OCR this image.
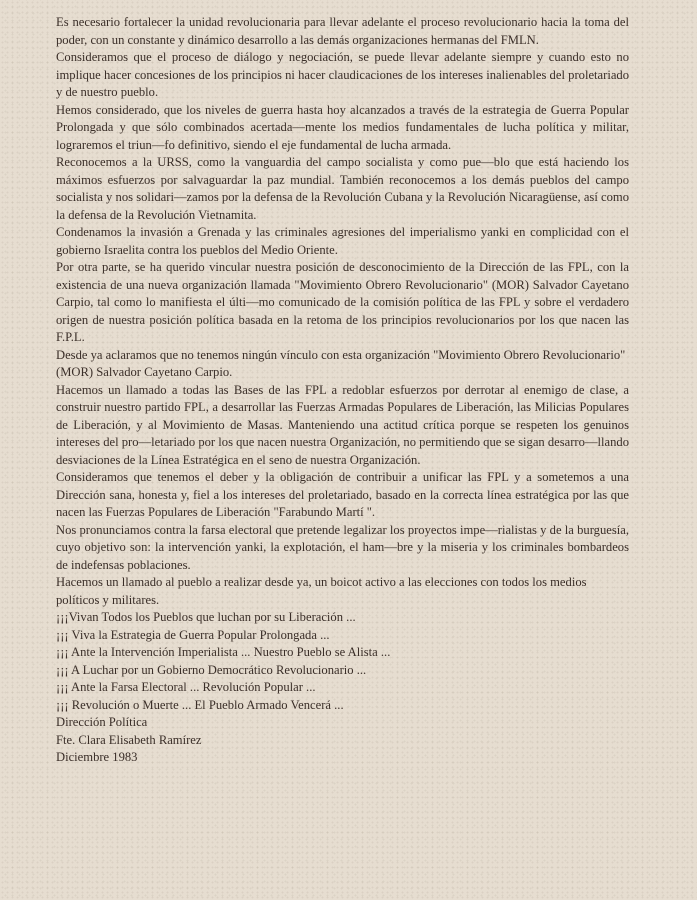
Es necesario fortalecer la unidad revolucionaria para llevar adelante el proceso revolucionario hacia la toma del poder, con un constante y dinámico desarrollo a las demás organizaciones hermanas del FMLN.

Consideramos que el proceso de diálogo y negociación, se puede llevar adelante siempre y cuando esto no implique hacer concesiones de los principios ni hacer claudicaciones de los intereses inalienables del proletariado y de nuestro pueblo.

Hemos considerado, que los niveles de guerra hasta hoy alcanzados a través de la estrategia de Guerra Popular Prolongada y que sólo combinados acertada—mente los medios fundamentales de lucha política y militar, lograremos el triun—fo definitivo, siendo el eje fundamental de lucha armada.

Reconocemos a la URSS, como la vanguardia del campo socialista y como pue—blo que está haciendo los máximos esfuerzos por salvaguardar la paz mundial. También reconocemos a los demás pueblos del campo socialista y nos solidari—zamos por la defensa de la Revolución Cubana y la Revolución Nicaragüense, así como la defensa de la Revolución Vietnamita.

Condenamos la invasión a Grenada y las criminales agresiones del imperialismo yanki en complicidad con el gobierno Israelita contra los pueblos del Medio Oriente.

Por otra parte, se ha querido vincular nuestra posición de desconocimiento de la Dirección de las FPL, con la existencia de una nueva organización llamada "Movimiento Obrero Revolucionario" (MOR) Salvador Cayetano Carpio, tal como lo manifiesta el últi—mo comunicado de la comisión política de las FPL y sobre el verdadero origen de nuestra posición política basada en la retoma de los principios revolucionarios por los que nacen las F.P.L.

Desde ya aclaramos que no tenemos ningún vínculo con esta organización "Movimiento Obrero Revolucionario" (MOR) Salvador Cayetano Carpio.

Hacemos un llamado a todas las Bases de las FPL a redoblar esfuerzos por derrotar al enemigo de clase, a construir nuestro partido FPL, a desarrollar las Fuerzas Armadas Populares de Liberación, las Milicias Populares de Liberación, y al Movimiento de Masas. Manteniendo una actitud crítica porque se respeten los genuinos intereses del pro—letariado por los que nacen nuestra Organización, no permitiendo que se sigan desarro—llando desviaciones de la Línea Estratégica en el seno de nuestra Organización.

Consideramos que tenemos el deber y la obligación de contribuir a unificar las FPL y a sometemos a una Dirección sana, honesta y, fiel a los intereses del proletariado, basado en la correcta línea estratégica por las que nacen las Fuerzas Populares de Liberación "Farabundo Martí ".

Nos pronunciamos contra la farsa electoral que pretende legalizar los proyectos impe—rialistas y de la burguesía, cuyo objetivo son: la intervención yanki, la explotación, el ham—bre y la miseria y los criminales bombardeos de indefensas poblaciones.

Hacemos un llamado al pueblo a realizar desde ya, un boicot activo a las elecciones con todos los medios políticos y militares.

¡¡¡Vivan Todos los Pueblos que luchan por su Liberación ...

¡¡¡ Viva la Estrategia de Guerra Popular Prolongada ...

¡¡¡ Ante la Intervención Imperialista ... Nuestro Pueblo se Alista ...

¡¡¡ A Luchar por un Gobierno Democrático Revolucionario ...

¡¡¡ Ante la Farsa Electoral ... Revolución Popular ...

¡¡¡ Revolución o Muerte ... El Pueblo Armado Vencerá ...

Dirección Política

Fte. Clara Elisabeth Ramírez

Diciembre 1983
